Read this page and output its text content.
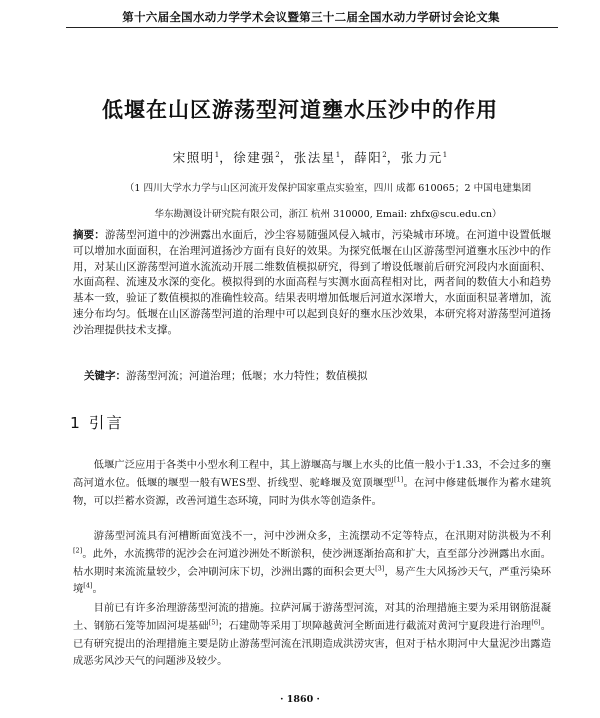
第十六届全国水动力学学术会议暨第三十二届全国水动力学研讨会论文集
低堰在山区游荡型河道壅水压沙中的作用
宋照明$^1$，徐建强$^2$，张法星$^1$，薛阳$^2$，张力元$^1$
（1 四川大学水力学与山区河流开发保护国家重点实验室，四川 成都 610065；2 中国电建集团
华东勘测设计研究院有限公司，浙江 杭州 310000, Email: zhfx@scu.edu.cn）

摘要：游荡型河道中的沙洲露出水面后，沙尘容易随强风侵入城市，污染城市环境。在河道中设置低堰可以增加水面面积，在治理河道扬沙方面有良好的效果。为探究低堰在山区游荡型河道壅水压沙中的作用，对某山区游荡型河道水流流动开展二维数值模拟研究，得到了增设低堰前后研究河段内水面面积、水面高程、流速及水深的变化。模拟得到的水面高程与实测水面高程相对比，两者间的数值大小和趋势基本一致，验证了数值模拟的准确性较高。结果表明增加低堰后河道水深增大，水面面积显著增加，流速分布均匀。低堰在山区游荡型河道的治理中可以起到良好的壅水压沙效果，本研究将对游荡型河道扬沙治理提供技术支撑。

关键字：游荡型河流；河道治理；低堰；水力特性；数值模拟
1 引言

低堰广泛应用于各类中小型水利工程中，其上游堰高与堰上水头的比值一般小于1.33，不会过多的壅高河道水位。低堰的堰型一般有WES型、折线型、驼峰堰及宽顶堰型[1]。在河中修建低堰作为蓄水建筑物，可以拦蓄水资源，改善河道生态环境，同时为供水等创造条件。

游荡型河流具有河槽断面宽浅不一，河中沙洲众多，主流摆动不定等特点，在汛期对防洪极为不利[2]。此外，水流携带的泥沙会在河道沙洲处不断淤积，使沙洲逐渐抬高和扩大，直至部分沙洲露出水面。枯水期时来流流量较少，会冲刷河床下切，沙洲出露的面积会更大[3]，易产生大风扬沙天气，严重污染环境[4]。

目前已有许多治理游荡型河流的措施。拉萨河属于游荡型河流，对其的治理措施主要为采用钢筋混凝土、钢筋石笼等加固河堤基础[5]；石建勋等采用丁坝障越黄河全断面进行截流对黄河宁夏段进行治理[6]。已有研究提出的治理措施主要是防止游荡型河流在汛期造成洪涝灾害，但对于枯水期河中大量泥沙出露造成恶劣风沙天气的问题涉及较少。

· 1860 ·
